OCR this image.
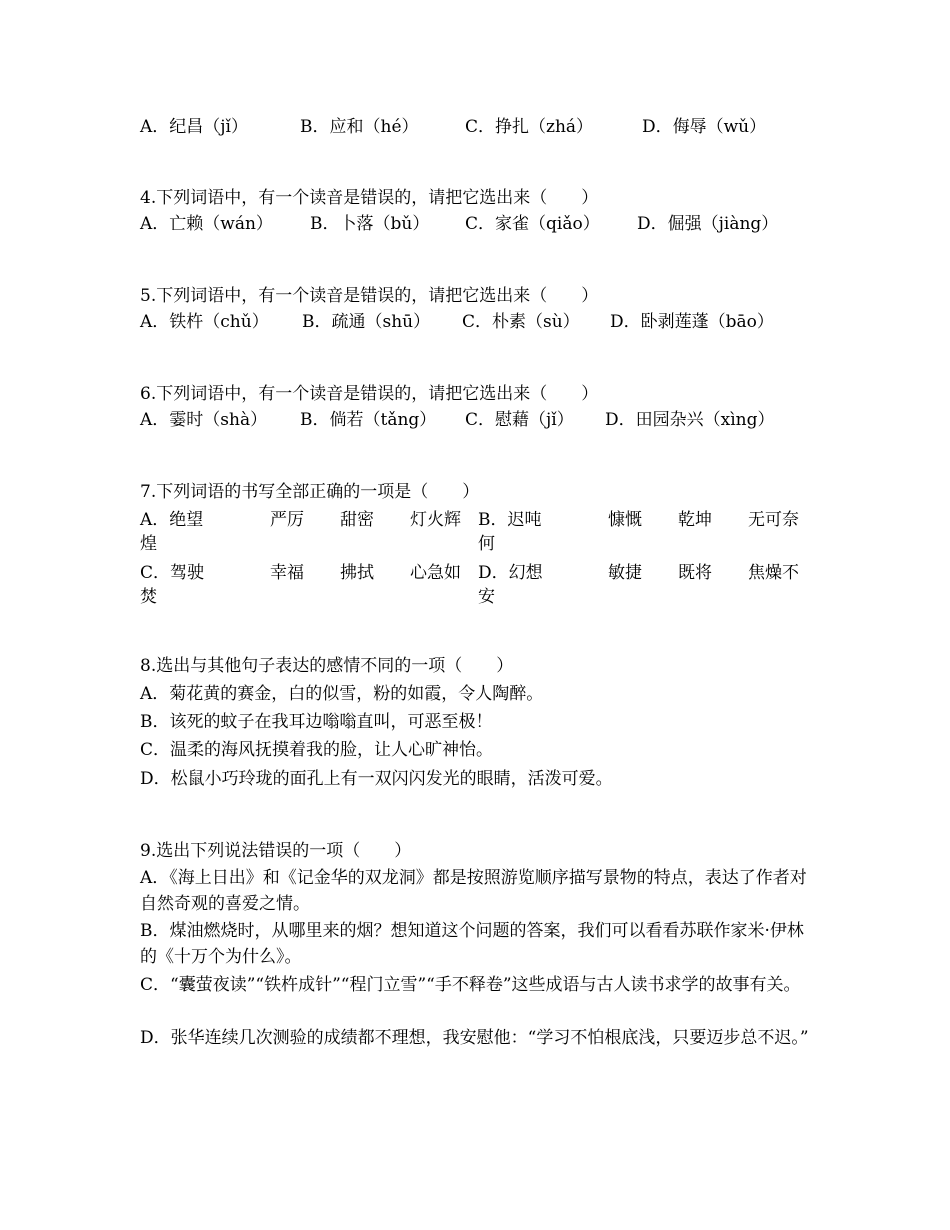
A．纪昌（jǐ）	B．应和（hé）	C．挣扎（zhá）	D．侮辱（wǔ）
4.下列词语中，有一个读音是错误的，请把它选出来（　　）
A．亡赖（wán） B．卜落（bǔ） C．家雀（qiǎo） D．倔强（jiàng）
5.下列词语中，有一个读音是错误的，请把它选出来（　　）
A．铁杵（chǔ） B．疏通（shū） C．朴素（sù） D．卧剥莲蓬（bāo）
6.下列词语中，有一个读音是错误的，请把它选出来（　　）
A．霎时（shà） B．倘若（tǎng） C．慰藉（jǐ） D．田园杂兴（xìng）
7.下列词语的书写全部正确的一项是（　　）
A．绝望	严厉 甜密 灯火辉
煌
B．迟吨	慷慨 乾坤 无可奈
何
C．驾驶	幸福 拂拭 心急如
焚
D．幻想	敏捷 既将 焦燥不
安
8.选出与其他句子表达的感情不同的一项（　　）
A．菊花黄的赛金，白的似雪，粉的如霞，令人陶醉。
B．该死的蚊子在我耳边嗡嗡直叫，可恶至极！
C．温柔的海风抚摸着我的脸，让人心旷神怡。
D．松鼠小巧玲珑的面孔上有一双闪闪发光的眼睛，活泼可爱。
9.选出下列说法错误的一项（　　）
A．《海上日出》和《记金华的双龙洞》都是按照游览顺序描写景物的特点，表达了作者对自然奇观的喜爱之情。
B．煤油燃烧时，从哪里来的烟？想知道这个问题的答案，我们可以看看苏联作家米·伊林的《十万个为什么》。
C．“囊萤夜读”“铁杵成针”“程门立雪”“手不释卷”这些成语与古人读书求学的故事有关。
D．张华连续几次测验的成绩都不理想，我安慰他：“学习不怕根底浅，只要迈步总不迟。”
